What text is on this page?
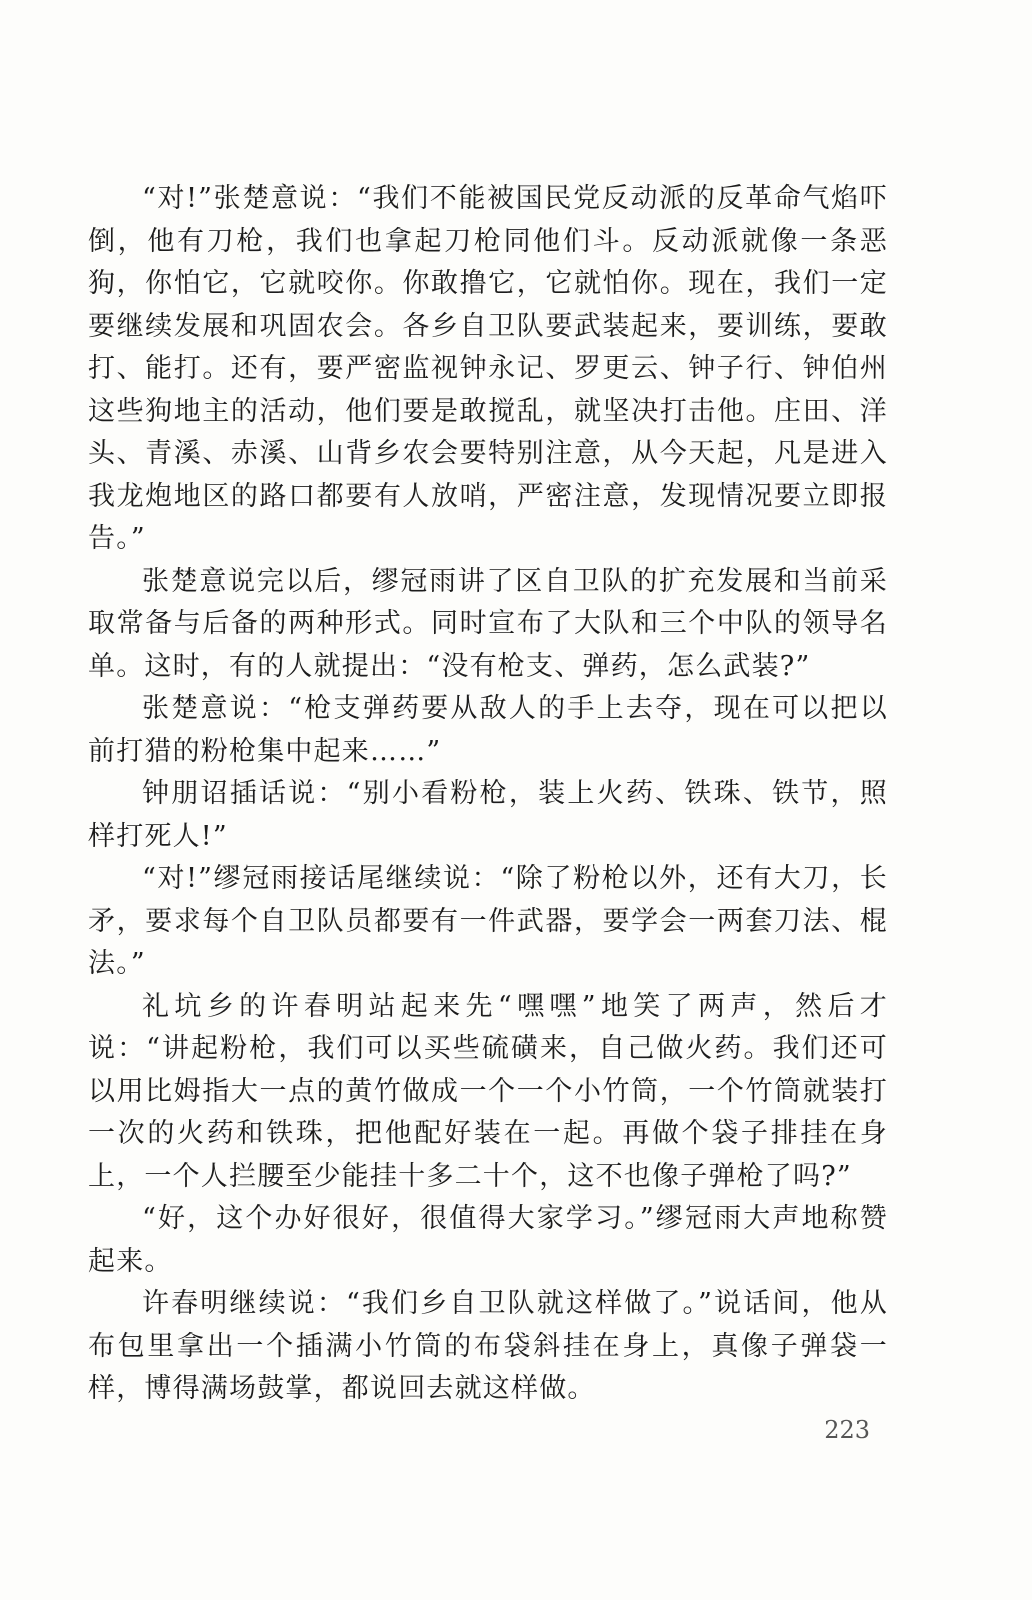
“对!”张楚意说：“我们不能被国民党反动派的反革命气焰吓倒，他有刀枪，我们也拿起刀枪同他们斗。反动派就像一条恶狗，你怕它，它就咬你。你敢撸它，它就怕你。现在，我们一定要继续发展和巩固农会。各乡自卫队要武装起来，要训练，要敢打、能打。还有，要严密监视钟永记、罗更云、钟子行、钟伯州这些狗地主的活动，他们要是敢搅乱，就坚决打击他。庄田、洋头、青溪、赤溪、山背乡农会要特别注意，从今天起，凡是进入我龙炮地区的路口都要有人放哨，严密注意，发现情况要立即报告。”

张楚意说完以后，缪冠雨讲了区自卫队的扩充发展和当前采取常备与后备的两种形式。同时宣布了大队和三个中队的领导名单。这时，有的人就提出：“没有枪支、弹药，怎么武装?”

张楚意说：“枪支弹药要从敌人的手上去夺，现在可以把以前打猎的粉枪集中起来……”

钟朋诏插话说：“别小看粉枪，装上火药、铁珠、铁节，照样打死人!”

“对!”缪冠雨接话尾继续说：“除了粉枪以外，还有大刀，长矛，要求每个自卫队员都要有一件武器，要学会一两套刀法、棍法。”

礼坑乡的许春明站起来先“嘿嘿”地笑了两声，然后才说：“讲起粉枪，我们可以买些硫磺来，自己做火药。我们还可以用比姆指大一点的黄竹做成一个一个小竹筒，一个竹筒就装打一次的火药和铁珠，把他配好装在一起。再做个袋子排挂在身上，一个人拦腰至少能挂十多二十个，这不也像子弹枪了吗?”

“好，这个办好很好，很值得大家学习。”缪冠雨大声地称赞起来。

许春明继续说：“我们乡自卫队就这样做了。”说话间，他从布包里拿出一个插满小竹筒的布袋斜挂在身上，真像子弹袋一样，博得满场鼓掌，都说回去就这样做。

223
